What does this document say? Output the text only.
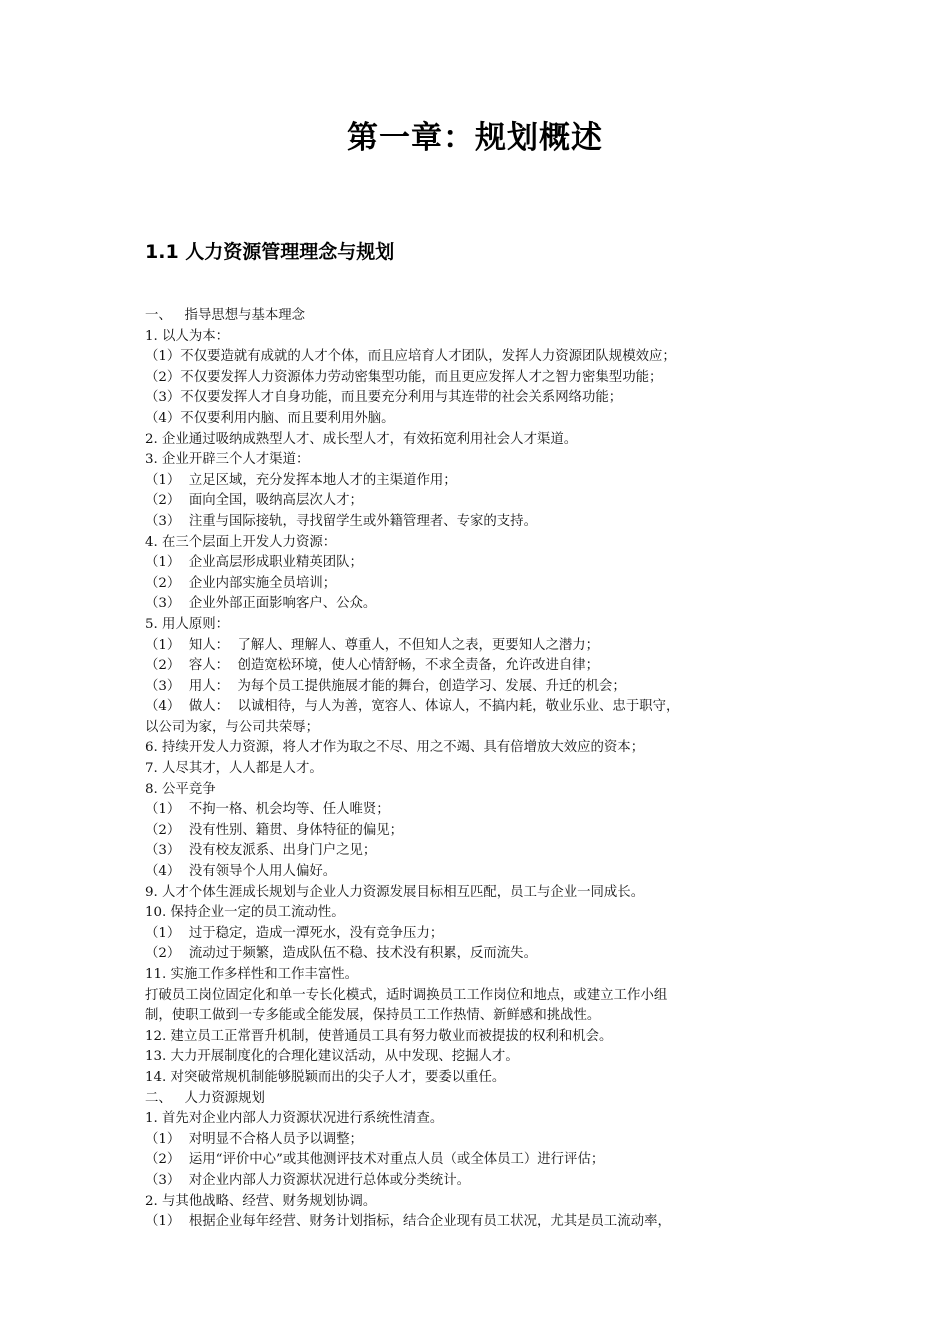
第一章：规划概述
1.1 人力资源管理理念与规划
一、   指导思想与基本理念
1. 以人为本：
（1）不仅要造就有成就的人才个体，而且应培育人才团队，发挥人力资源团队规模效应；
（2）不仅要发挥人力资源体力劳动密集型功能，而且更应发挥人才之智力密集型功能；
（3）不仅要发挥人才自身功能，而且要充分利用与其连带的社会关系网络功能；
（4）不仅要利用内脑、而且要利用外脑。
2. 企业通过吸纳成熟型人才、成长型人才，有效拓宽利用社会人才渠道。
3. 企业开辟三个人才渠道：
（1）  立足区域，充分发挥本地人才的主渠道作用；
（2）  面向全国，吸纳高层次人才；
（3）  注重与国际接轨，寻找留学生或外籍管理者、专家的支持。
4. 在三个层面上开发人力资源：
（1）  企业高层形成职业精英团队；
（2）  企业内部实施全员培训；
（3）  企业外部正面影响客户、公众。
5. 用人原则：
（1）  知人：  了解人、理解人、尊重人，不但知人之表，更要知人之潜力；
（2）  容人：  创造宽松环境，使人心情舒畅，不求全责备，允许改进自律；
（3）  用人：  为每个员工提供施展才能的舞台，创造学习、发展、升迁的机会；
（4）  做人：  以诚相待，与人为善，宽容人、体谅人，不搞内耗，敬业乐业、忠于职守，
以公司为家，与公司共荣辱；
6. 持续开发人力资源，将人才作为取之不尽、用之不竭、具有倍增放大效应的资本；
7. 人尽其才，人人都是人才。
8. 公平竞争
（1）  不拘一格、机会均等、任人唯贤；
（2）  没有性别、籍贯、身体特征的偏见；
（3）  没有校友派系、出身门户之见；
（4）  没有领导个人用人偏好。
9. 人才个体生涯成长规划与企业人力资源发展目标相互匹配，员工与企业一同成长。
10. 保持企业一定的员工流动性。
（1）  过于稳定，造成一潭死水，没有竞争压力；
（2）  流动过于频繁，造成队伍不稳、技术没有积累，反而流失。
11. 实施工作多样性和工作丰富性。
打破员工岗位固定化和单一专长化模式，适时调换员工工作岗位和地点，或建立工作小组
制，使职工做到一专多能或全能发展，保持员工工作热情、新鲜感和挑战性。
12. 建立员工正常晋升机制，使普通员工具有努力敬业而被提拔的权利和机会。
13. 大力开展制度化的合理化建议活动，从中发现、挖掘人才。
14. 对突破常规机制能够脱颖而出的尖子人才，要委以重任。
二、   人力资源规划
1. 首先对企业内部人力资源状况进行系统性清查。
（1）  对明显不合格人员予以调整；
（2）  运用“评价中心”或其他测评技术对重点人员（或全体员工）进行评估；
（3）  对企业内部人力资源状况进行总体或分类统计。
2. 与其他战略、经营、财务规划协调。
（1）  根据企业每年经营、财务计划指标，结合企业现有员工状况，尤其是员工流动率，
